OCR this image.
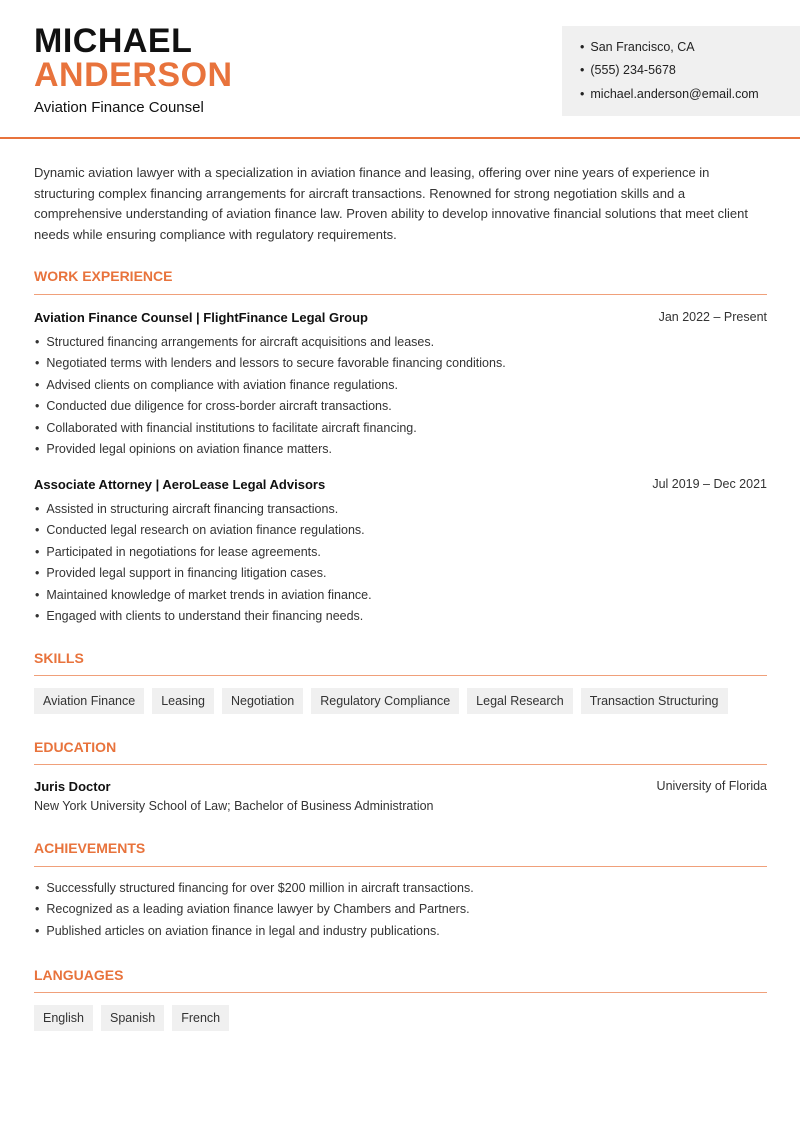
MICHAEL
ANDERSON
Aviation Finance Counsel
• San Francisco, CA
• (555) 234-5678
• michael.anderson@email.com
Dynamic aviation lawyer with a specialization in aviation finance and leasing, offering over nine years of experience in structuring complex financing arrangements for aircraft transactions. Renowned for strong negotiation skills and a comprehensive understanding of aviation finance law. Proven ability to develop innovative financial solutions that meet client needs while ensuring compliance with regulatory requirements.
WORK EXPERIENCE
Aviation Finance Counsel | FlightFinance Legal Group	Jan 2022 – Present
• Structured financing arrangements for aircraft acquisitions and leases.
• Negotiated terms with lenders and lessors to secure favorable financing conditions.
• Advised clients on compliance with aviation finance regulations.
• Conducted due diligence for cross-border aircraft transactions.
• Collaborated with financial institutions to facilitate aircraft financing.
• Provided legal opinions on aviation finance matters.
Associate Attorney | AeroLease Legal Advisors	Jul 2019 – Dec 2021
• Assisted in structuring aircraft financing transactions.
• Conducted legal research on aviation finance regulations.
• Participated in negotiations for lease agreements.
• Provided legal support in financing litigation cases.
• Maintained knowledge of market trends in aviation finance.
• Engaged with clients to understand their financing needs.
SKILLS
Aviation Finance	Leasing	Negotiation	Regulatory Compliance	Legal Research	Transaction Structuring
EDUCATION
Juris Doctor	University of Florida
New York University School of Law; Bachelor of Business Administration
ACHIEVEMENTS
• Successfully structured financing for over $200 million in aircraft transactions.
• Recognized as a leading aviation finance lawyer by Chambers and Partners.
• Published articles on aviation finance in legal and industry publications.
LANGUAGES
English	Spanish	French
